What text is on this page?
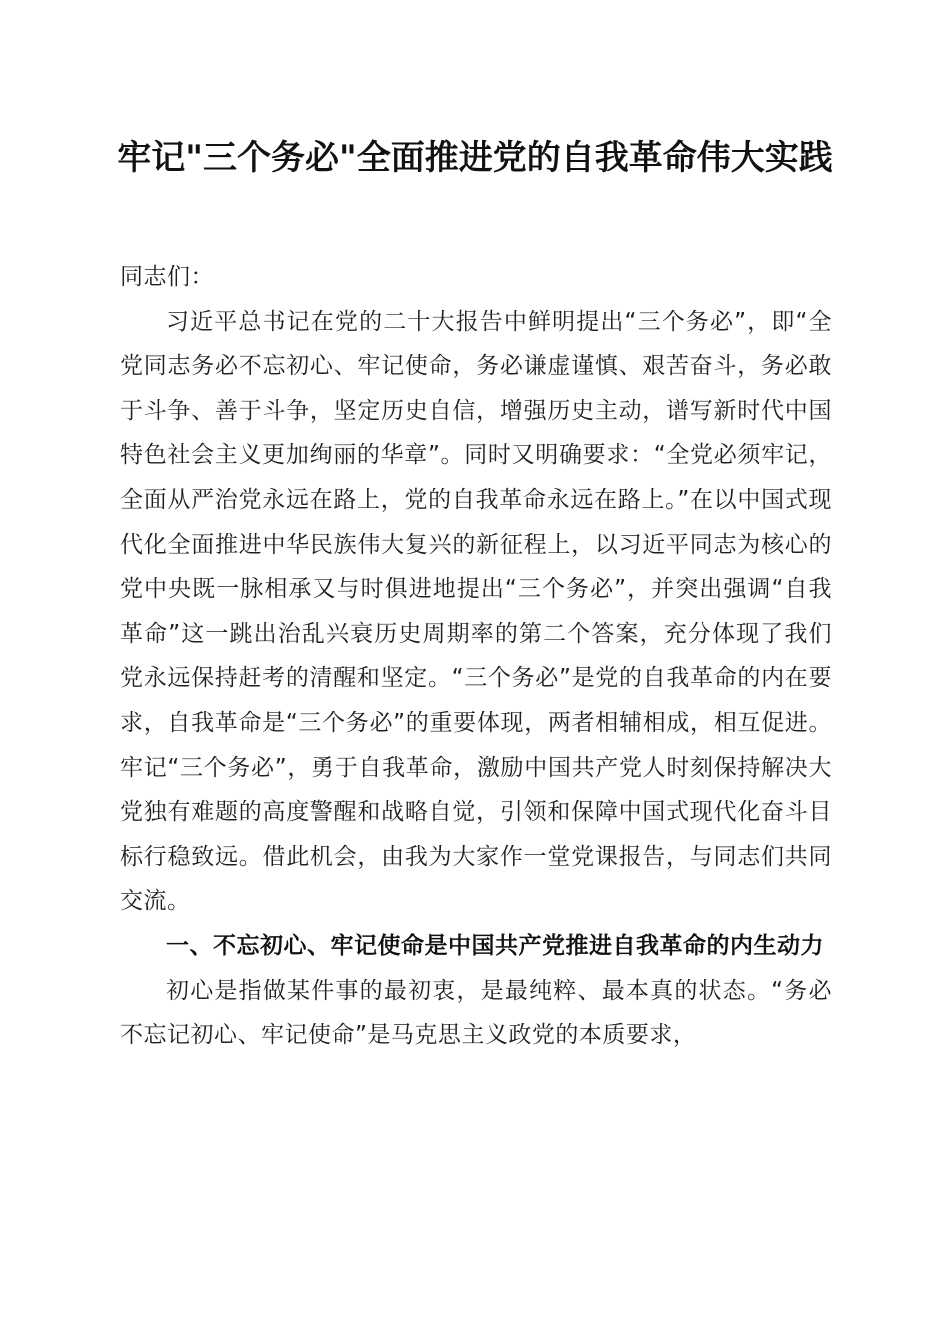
牢记"三个务必"全面推进党的自我革命伟大实践

同志们：

习近平总书记在党的二十大报告中鲜明提出“三个务必”，即“全党同志务必不忘初心、牢记使命，务必谦虚谨慎、艰苦奋斗，务必敢于斗争、善于斗争，坚定历史自信，增强历史主动，谱写新时代中国特色社会主义更加绚丽的华章”。同时又明确要求：“全党必须牢记，全面从严治党永远在路上，党的自我革命永远在路上。”在以中国式现代化全面推进中华民族伟大复兴的新征程上，以习近平同志为核心的党中央既一脉相承又与时俱进地提出“三个务必”，并突出强调“自我革命”这一跳出治乱兴衰历史周期率的第二个答案，充分体现了我们党永远保持赶考的清醒和坚定。“三个务必”是党的自我革命的内在要求，自我革命是“三个务必”的重要体现，两者相辅相成，相互促进。牢记“三个务必”，勇于自我革命，激励中国共产党人时刻保持解决大党独有难题的高度警醒和战略自觉，引领和保障中国式现代化奋斗目标行稳致远。借此机会，由我为大家作一堂党课报告，与同志们共同交流。

一、不忘初心、牢记使命是中国共产党推进自我革命的内生动力

初心是指做某件事的最初衷，是最纯粹、最本真的状态。“务必不忘记初心、牢记使命”是马克思主义政党的本质要求，
